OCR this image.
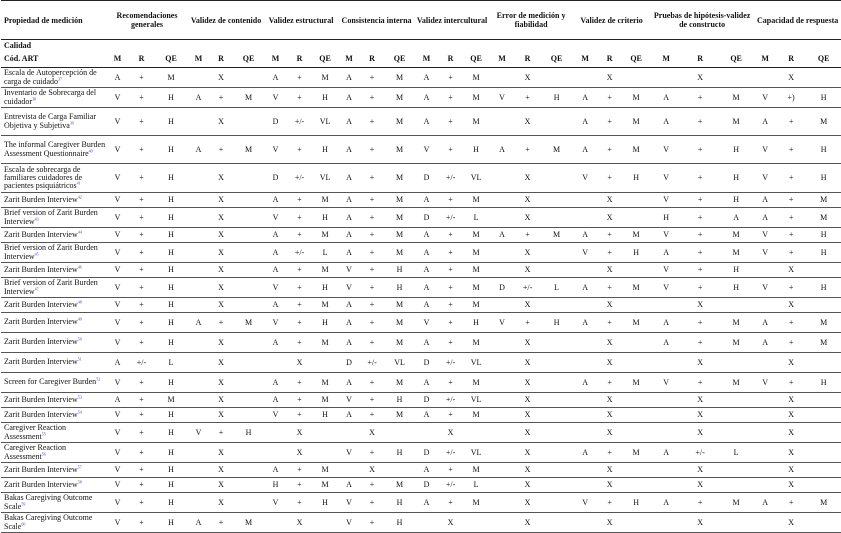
Propiedad de medición	Recomendaciones generales			Validez de contenido			Validez estructural			Consistencia interna			Validez intercultural			Error de medición y fiabilidad			Validez de criterio			Pruebas de hipótesis-validez de constructo			Capacidad de respuesta		
Calidad																											
Cód. ART	M	R	QE	M	R	QE	M	R	QE	M	R	QE	M	R	QE	M	R	QE	M	R	QE	M	R	QE	M	R	QE
Escala de Autopercepción de carga de cuidado$^{37}$	A	+	M		X		A	+	M	A	+	M	A	+	M		X			X			X			X	
Inventario de Sobrecarga del cuidador$^{38}$	V	+	H	A	+	M	V	+	H	A	+	M	A	+	M	V	+	H	A	+	M	A	+	M	V	+)	H
Entrevista de Carga Familiar Objetiva y Subjetiva$^{39}$	V	+	H		X		D	+/-	VL	A	+	M	A	+	M		X		A	+	M	A	+	M	A	+	M
The informal Caregiver Burden Assessment Questionnaire$^{40}$	V	+	H	A	+	M	V	+	H	A	+	M	V	+	H	A	+	M	A	+	M	V	+	H	V	+	H
Escala de sobrecarga de familiares cuidadores de pacientes psiquiátricos$^{41}$	V	+	H		X		D	+/-	VL	A	+	M	D	+/-	VL		X		V	+	H	V	+	H	V	+	H
Zarit Burden Interview$^{42}$	V	+	H		X		A	+	M	A	+	M	A	+	M		X			X		V	+	H	A	+	M
Brief version of Zarit Burden Interview$^{43}$	V	+	H		X		V	+	H	A	+	M	D	+/-	L		X			X		H	+	A	A	+	M
Zarit Burden Interview$^{44}$	V	+	H		X		A	+	M	A	+	M	A	+	M	A	+	M	A	+	M	V	+	M	V	+	H
Brief version of Zarit Burden Interview$^{45}$	V	+	H		X		A	+/-	L	A	+	M	A	+	M		X		V	+	H	A	+	M	V	+	H
Zarit Burden Interview$^{46}$	V	+	H		X		A	+	M	V	+	H	A	+	M		X			X		V	+	H		X	
Brief version of Zarit Burden Interview$^{47}$	V	+	H		X		V	+	H	V	+	H	A	+	M	D	+/-	L	A	+	M	V	+	H	V	+	H
Zarit Burden Interview$^{48}$	V	+	H		X		A	+	M	A	+	M	A	+	M		X			X			X			X	
Zarit Burden Interview$^{49}$	V	+	H	A	+	M	V	+	H	A	+	M	V	+	H	V	+	H	A	+	M	A	+	M	A	+	M
Zarit Burden Interview$^{50}$	V	+	H		X		A	+	M	A	+	M	A	+	M		X			X		A	+	M	A	+	M
Zarit Burden Interview$^{51}$	A	+/-	L		X			X		D	+/-	VL	D	+/-	VL		X			X			X			X	
Screen for Caregiver Burden$^{52}$	V	+	H		X		A	+	M	A	+	M	A	+	M		X		A	+	M	V	+	M	V	+	H
Zarit Burden Interview$^{53}$	A	+	M		X		A	+	M	V	+	H	D	+/-	VL		X			X			X			X	
Zarit Burden Interview$^{54}$	V	+	H		X		V	+	H	A	+	M	A	+	M		X			X			X			X	
Caregiver Reaction Assessment$^{55}$	V	+	H	V	+	H		X			X			X			X			X			X			X	
Caregiver Reaction Assessment$^{56}$	V	+	H		X			X		V	+	H	D	+/-	VL		X		A	+	M	A	+/-	L		X	
Zarit Burden Interview$^{57}$	V	+	H		X		A	+	M		X		A	+	M		X			X			X			X	
Zarit Burden Interview$^{58}$	V	+	H		X		H	+	M	A	+	M	D	+/-	L		X			X			X			X	
Bakas Caregiving Outcome Scale$^{59}$	V	+	H		X		V	+	H	V	+	H	A	+	M		X		V	+	H	A	+	M	A	+	M
Bakas Caregiving Outcome Scale$^{60}$	V	+	H	A	+	M		X		V	+	H		X			X			X			X			X	
